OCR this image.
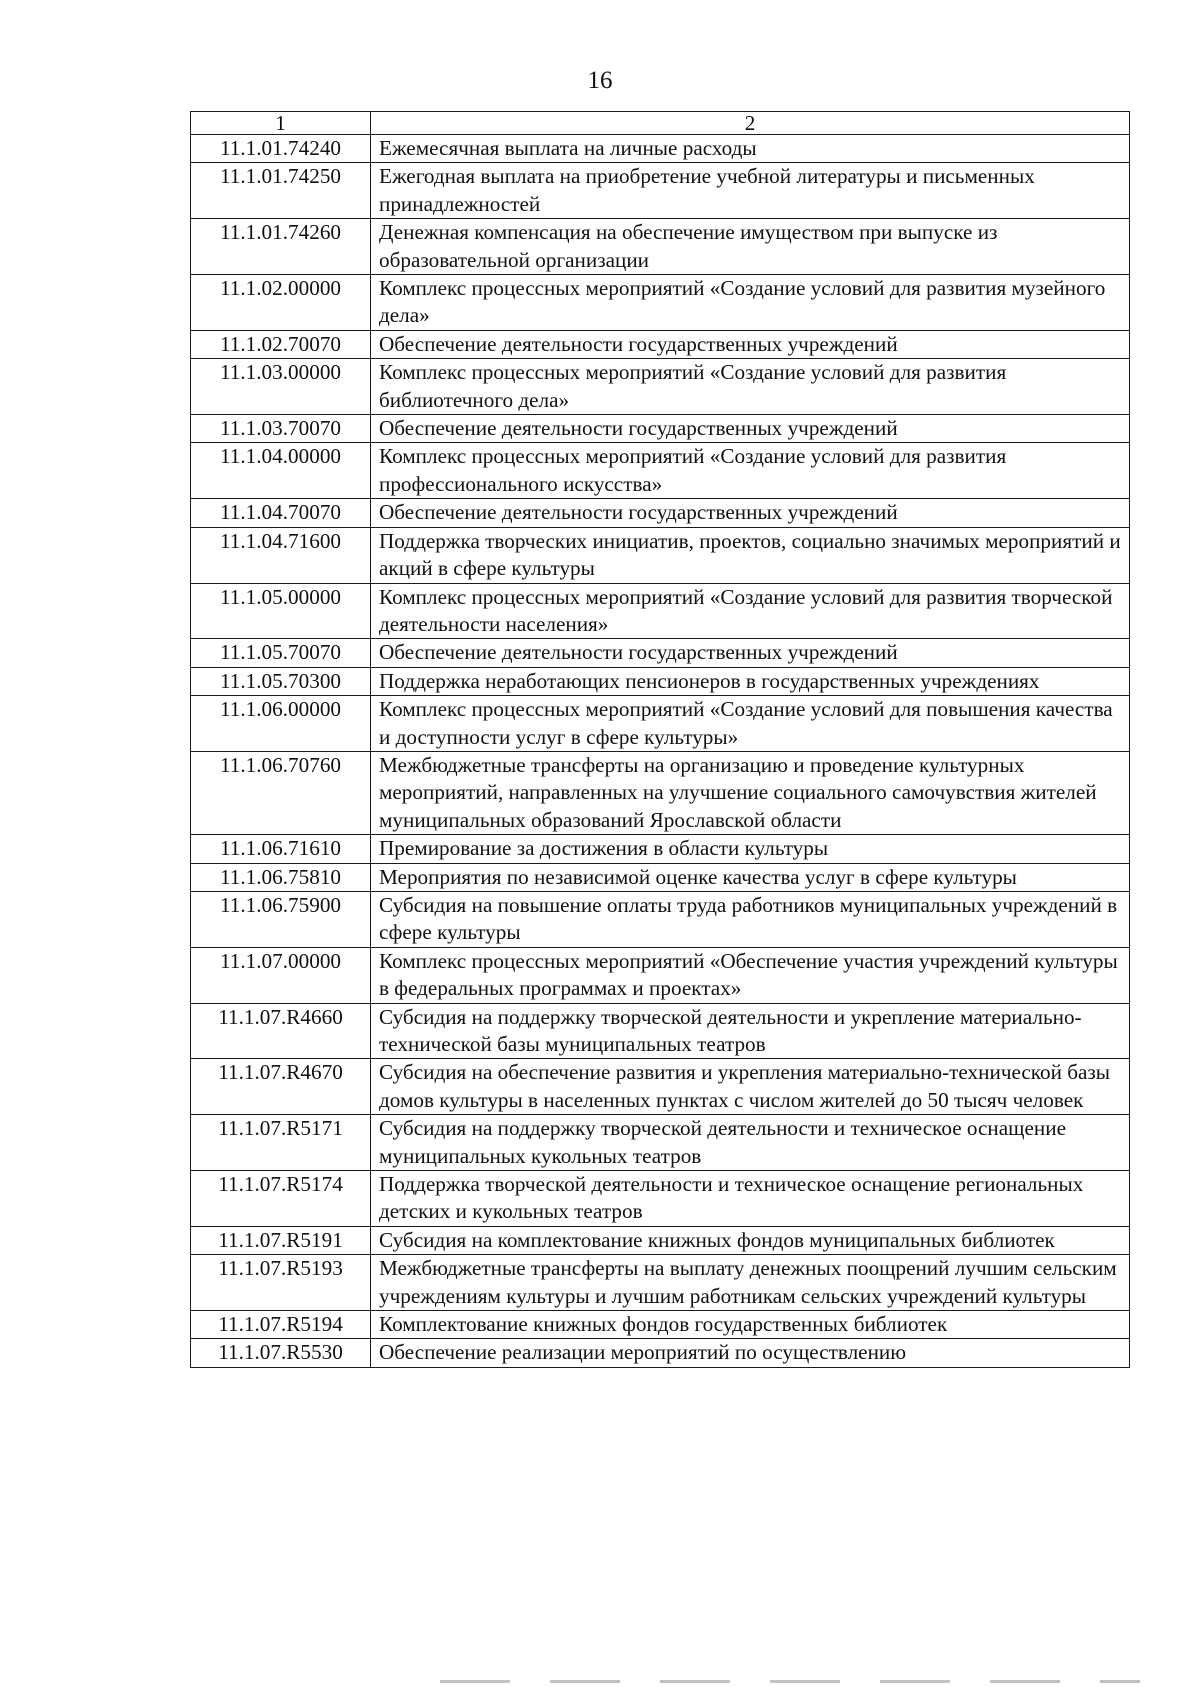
16
1	2
11.1.01.74240	Ежемесячная выплата на личные расходы
11.1.01.74250	Ежегодная выплата на приобретение учебной литературы и письменных принадлежностей
11.1.01.74260	Денежная компенсация на обеспечение имуществом при выпуске из образовательной организации
11.1.02.00000	Комплекс процессных мероприятий «Создание условий для развития музейного дела»
11.1.02.70070	Обеспечение деятельности государственных учреждений
11.1.03.00000	Комплекс процессных мероприятий «Создание условий для развития библиотечного дела»
11.1.03.70070	Обеспечение деятельности государственных учреждений
11.1.04.00000	Комплекс процессных мероприятий «Создание условий для развития профессионального искусства»
11.1.04.70070	Обеспечение деятельности государственных учреждений
11.1.04.71600	Поддержка творческих инициатив, проектов, социально значимых мероприятий и акций в сфере культуры
11.1.05.00000	Комплекс процессных мероприятий «Создание условий для развития творческой деятельности населения»
11.1.05.70070	Обеспечение деятельности государственных учреждений
11.1.05.70300	Поддержка неработающих пенсионеров в государственных учреждениях
11.1.06.00000	Комплекс процессных мероприятий «Создание условий для повышения качества и доступности услуг в сфере культуры»
11.1.06.70760	Межбюджетные трансферты на организацию и проведение культурных мероприятий, направленных на улучшение социального самочувствия жителей муниципальных образований Ярославской области
11.1.06.71610	Премирование за достижения в области культуры
11.1.06.75810	Мероприятия по независимой оценке качества услуг в сфере культуры
11.1.06.75900	Субсидия на повышение оплаты труда работников муниципальных учреждений в сфере культуры
11.1.07.00000	Комплекс процессных мероприятий «Обеспечение участия учреждений культуры в федеральных программах и проектах»
11.1.07.R4660	Субсидия на поддержку творческой деятельности и укрепление материально-технической базы муниципальных театров
11.1.07.R4670	Субсидия на обеспечение развития и укрепления материально-технической базы домов культуры в населенных пунктах с числом жителей до 50 тысяч человек
11.1.07.R5171	Субсидия на поддержку творческой деятельности и техническое оснащение муниципальных кукольных театров
11.1.07.R5174	Поддержка творческой деятельности и техническое оснащение региональных детских и кукольных театров
11.1.07.R5191	Субсидия на комплектование книжных фондов муниципальных библиотек
11.1.07.R5193	Межбюджетные трансферты на выплату денежных поощрений лучшим сельским учреждениям культуры и лучшим работникам сельских учреждений культуры
11.1.07.R5194	Комплектование книжных фондов государственных библиотек
11.1.07.R5530	Обеспечение реализации мероприятий по осуществлению
